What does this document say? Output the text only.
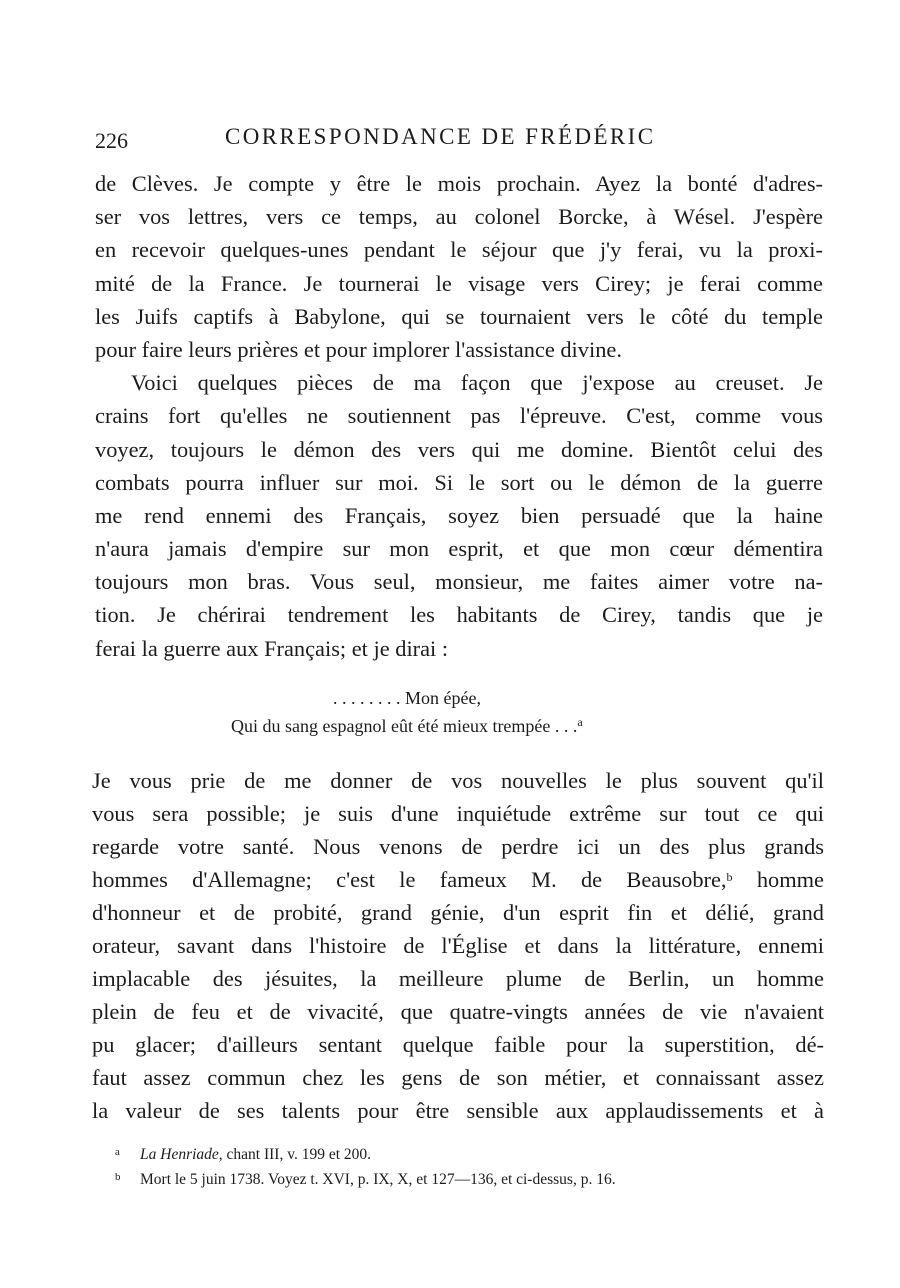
226	CORRESPONDANCE DE FRÉDÉRIC
de Clèves. Je compte y être le mois prochain. Ayez la bonté d'adres-
ser vos lettres, vers ce temps, au colonel Borcke, à Wésel. J'espère
en recevoir quelques-unes pendant le séjour que j'y ferai, vu la proxi-
mité de la France. Je tournerai le visage vers Cirey; je ferai comme
les Juifs captifs à Babylone, qui se tournaient vers le côté du temple
pour faire leurs prières et pour implorer l'assistance divine.
Voici quelques pièces de ma façon que j'expose au creuset. Je
crains fort qu'elles ne soutiennent pas l'épreuve. C'est, comme vous
voyez, toujours le démon des vers qui me domine. Bientôt celui des
combats pourra influer sur moi. Si le sort ou le démon de la guerre
me rend ennemi des Français, soyez bien persuadé que la haine
n'aura jamais d'empire sur mon esprit, et que mon cœur démentira
toujours mon bras. Vous seul, monsieur, me faites aimer votre na-
tion. Je chérirai tendrement les habitants de Cirey, tandis que je
ferai la guerre aux Français; et je dirai :
. . . . . . . . Mon épée,
Qui du sang espagnol eût été mieux trempée . . .$^a$
Je vous prie de me donner de vos nouvelles le plus souvent qu'il
vous sera possible; je suis d'une inquiétude extrême sur tout ce qui
regarde votre santé. Nous venons de perdre ici un des plus grands
hommes d'Allemagne; c'est le fameux M. de Beausobre,$^b$ homme
d'honneur et de probité, grand génie, d'un esprit fin et délié, grand
orateur, savant dans l'histoire de l'Église et dans la littérature, ennemi
implacable des jésuites, la meilleure plume de Berlin, un homme
plein de feu et de vivacité, que quatre-vingts années de vie n'avaient
pu glacer; d'ailleurs sentant quelque faible pour la superstition, dé-
faut assez commun chez les gens de son métier, et connaissant assez
la valeur de ses talents pour être sensible aux applaudissements et à
a La Henriade, chant III, v. 199 et 200.
b Mort le 5 juin 1738. Voyez t. XVI, p. IX, X, et 127—136, et ci-dessus, p. 16.
